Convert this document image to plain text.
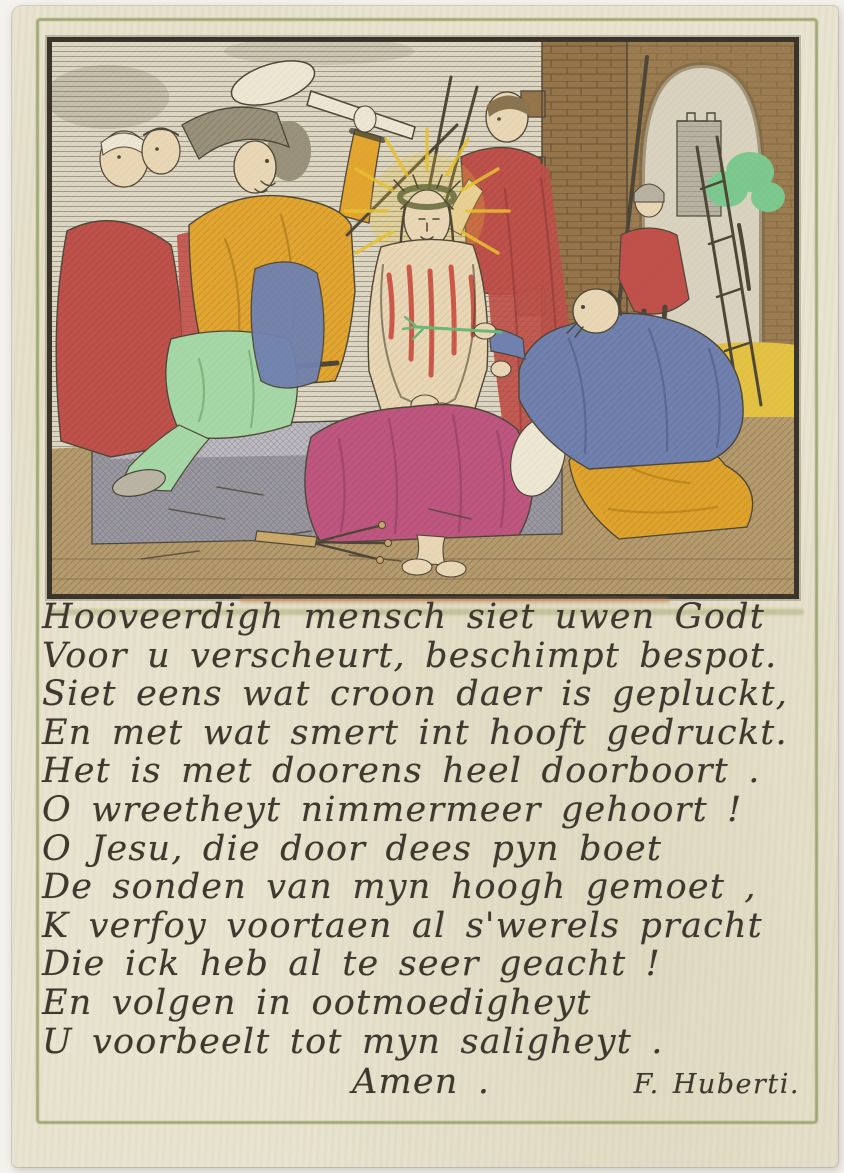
Hooveerdigh mensch siet uwen Godt
Voor u verscheurt, beschimpt bespot.
Siet eens wat croon daer is gepluckt,
En met wat smert int hooft gedruckt.
Het is met doorens heel doorboort .
O wreetheyt nimmermeer gehoort !
O Jesu, die door dees pyn boet
De sonden van myn hoogh gemoet ,
K verfoy voortaen al s'werels pracht
Die ick heb al te seer geacht !
En volgen in ootmoedigheyt
U voorbeelt tot myn saligheyt .
Amen .	F. Huberti.
